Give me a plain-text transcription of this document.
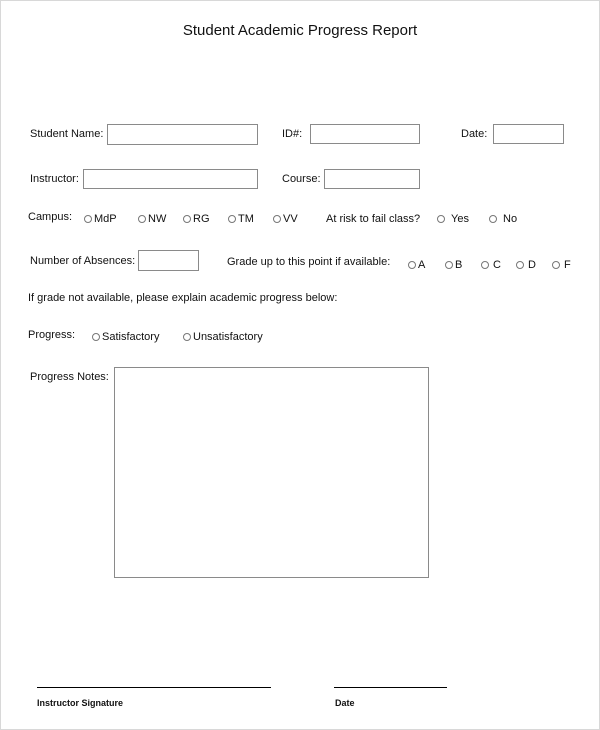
Student Academic Progress Report
Student Name:	ID#:	Date:
Instructor:	Course:
Campus: MdP	NW RG	TM	VV	At risk to fail class?	Yes	No
Number of Absences:	Grade up to this point if available:	A	B	C D	F
If grade not available, please explain academic progress below:
Progress: Satisfactory	Unsatisfactory
Progress Notes:
Instructor Signature	Date
